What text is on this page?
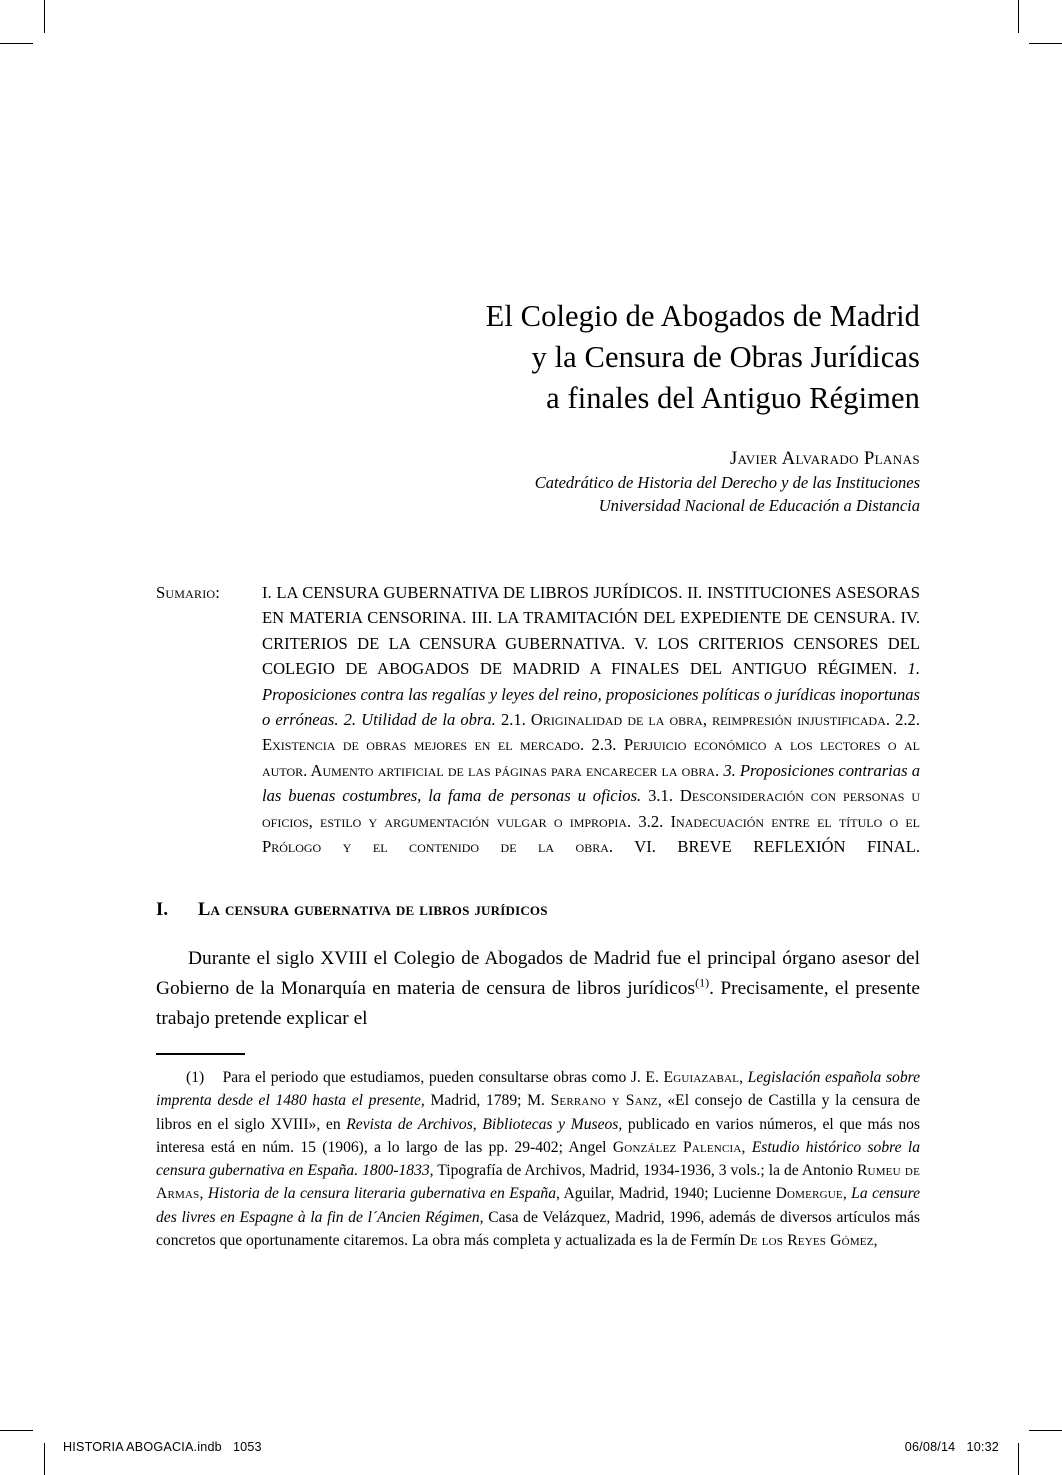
El Colegio de Abogados de Madrid
y la Censura de Obras Jurídicas
a finales del Antiguo Régimen
Javier Alvarado Planas
Catedrático de Historia del Derecho y de las Instituciones
Universidad Nacional de Educación a Distancia
Sumario:	I. LA CENSURA GUBERNATIVA DE LIBROS JURÍDICOS. II. INSTITUCIONES ASESORAS EN MATERIA CENSORINA. III. LA TRAMITACIÓN DEL EXPEDIENTE DE CENSURA. IV. CRITERIOS DE LA CENSURA GUBERNATIVA. V. LOS CRITERIOS CENSORES DEL COLEGIO DE ABOGADOS DE MADRID A FINALES DEL ANTIGUO RÉGIMEN. 1. Proposiciones contra las regalías y leyes del reino, proposiciones políticas o jurídicas inoportunas o erróneas. 2. Utilidad de la obra. 2.1. Originalidad de la obra, reimpresión injustificada. 2.2. Existencia de obras mejores en el mercado. 2.3. Perjuicio económico a los lectores o al autor. Aumento artificial de las páginas para encarecer la obra. 3. Proposiciones contrarias a las buenas costumbres, la fama de personas u oficios. 3.1. Desconsideración con personas u oficios, estilo y argumentación vulgar o impropia. 3.2. Inadecuación entre el título o el Prólogo y el contenido de la obra. VI. BREVE REFLEXIÓN FINAL.
I. La censura gubernativa de libros jurídicos
Durante el siglo XVIII el Colegio de Abogados de Madrid fue el principal órgano asesor del Gobierno de la Monarquía en materia de censura de libros jurídicos$^{(1)}$. Precisamente, el presente trabajo pretende explicar el
(1) Para el periodo que estudiamos, pueden consultarse obras como J. E. Eguiazabal, Legislación española sobre imprenta desde el 1480 hasta el presente, Madrid, 1789; M. Serrano y Sanz, «El consejo de Castilla y la censura de libros en el siglo XVIII», en Revista de Archivos, Bibliotecas y Museos, publicado en varios números, el que más nos interesa está en núm. 15 (1906), a lo largo de las pp. 29-402; Angel González Palencia, Estudio histórico sobre la censura gubernativa en España. 1800-1833, Tipografía de Archivos, Madrid, 1934-1936, 3 vols.; la de Antonio Rumeu de Armas, Historia de la censura literaria gubernativa en España, Aguilar, Madrid, 1940; Lucienne Domergue, La censure des livres en Espagne à la fin de l´Ancien Régimen, Casa de Velázquez, Madrid, 1996, además de diversos artículos más concretos que oportunamente citaremos. La obra más completa y actualizada es la de Fermín De los Reyes Gómez,
HISTORIA ABOGACIA.indb   1053	06/08/14   10:32
